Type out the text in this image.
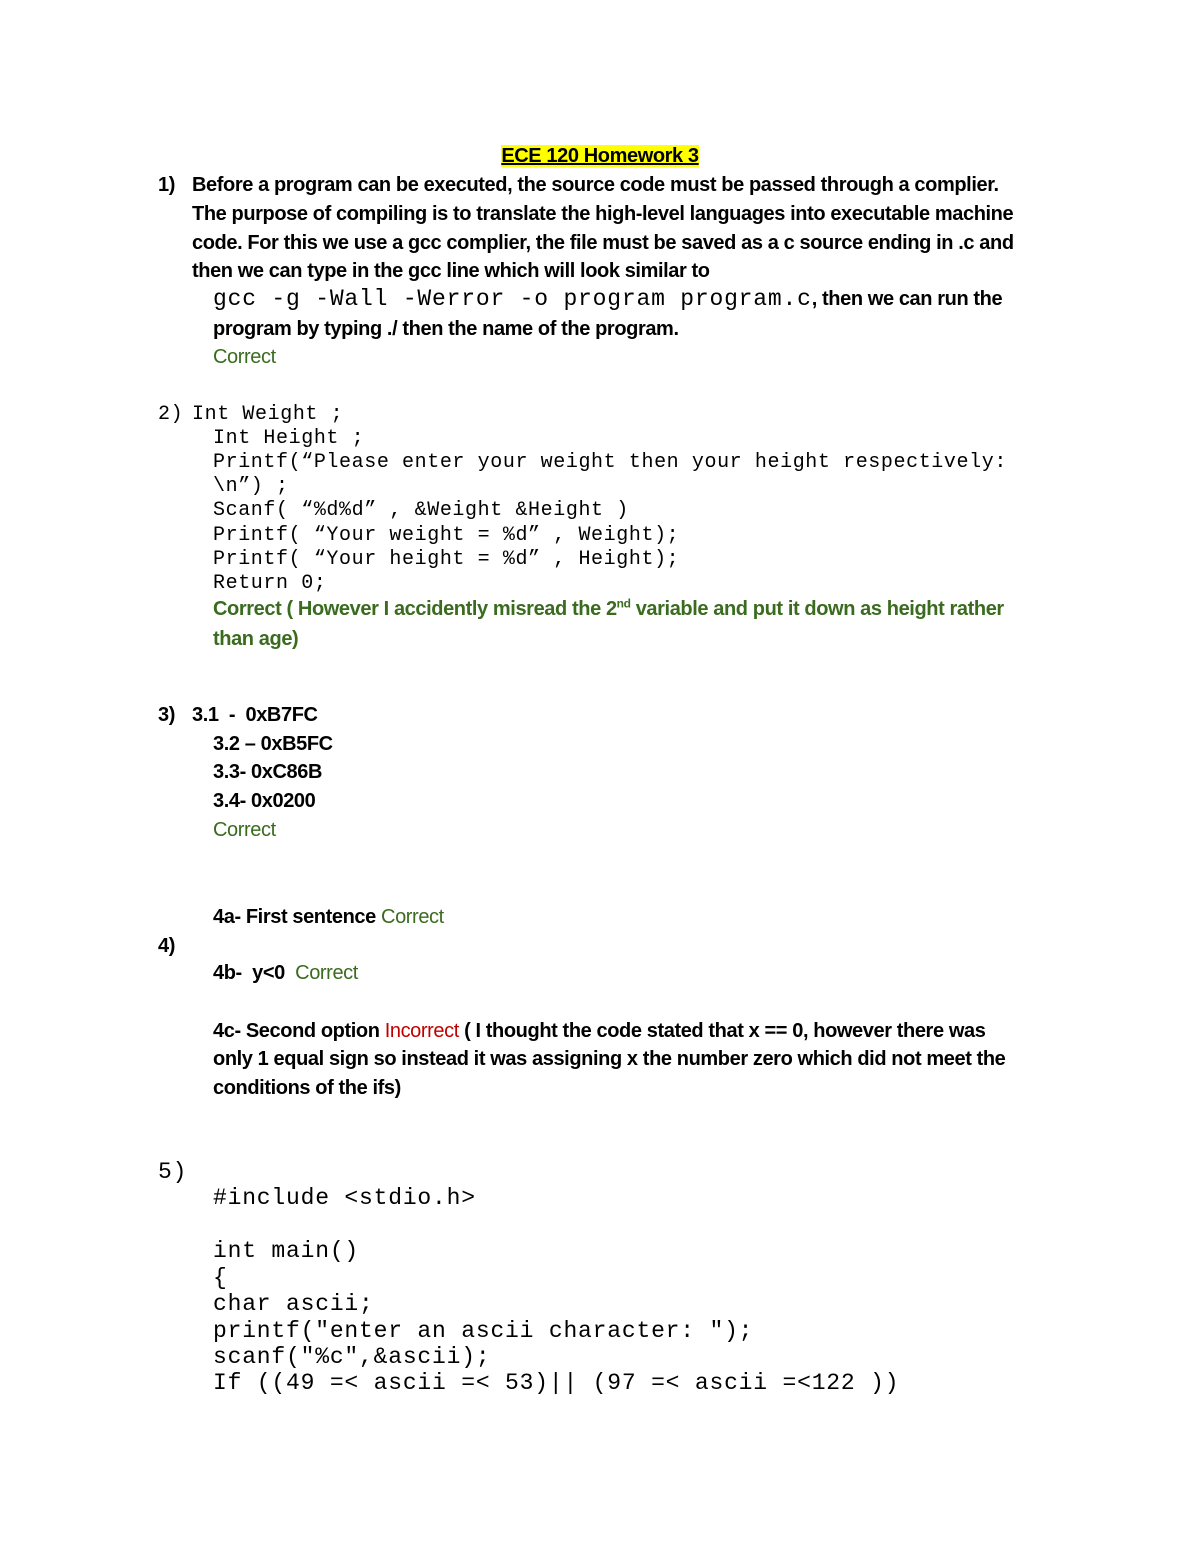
ECE 120 Homework 3
1) Before a program can be executed, the source code must be passed through a complier.
The purpose of compiling is to translate the high-level languages into executable machine
code. For this we use a gcc complier, the file must be saved as a c source ending in .c and
then we can type in the gcc line which will look similar to
gcc -g -Wall -Werror -o program program.c, then we can run the
program by typing ./ then the name of the program.
Correct
2) Int Weight ;
Int Height ;
Printf(“Please enter your weight then your height respectively:
\n”) ;
Scanf( “%d%d” , &Weight &Height )
Printf( “Your weight = %d” , Weight);
Printf( “Your height = %d” , Height);
Return 0;
Correct ( However I accidently misread the 2nd variable and put it down as height rather
than age)
3) 3.1  -  0xB7FC
3.2 – 0xB5FC
3.3- 0xC86B
3.4- 0x0200
Correct
4a- First sentence Correct
4)
4b-  y<0  Correct
4c- Second option Incorrect ( I thought the code stated that x == 0, however there was
only 1 equal sign so instead it was assigning x the number zero which did not meet the
conditions of the ifs)
5)
#include <stdio.h>
int main()
{
char ascii;
printf("enter an ascii character: ");
scanf("%c",&ascii);
If ((49 =< ascii =< 53)|| (97 =< ascii =<122 ))
